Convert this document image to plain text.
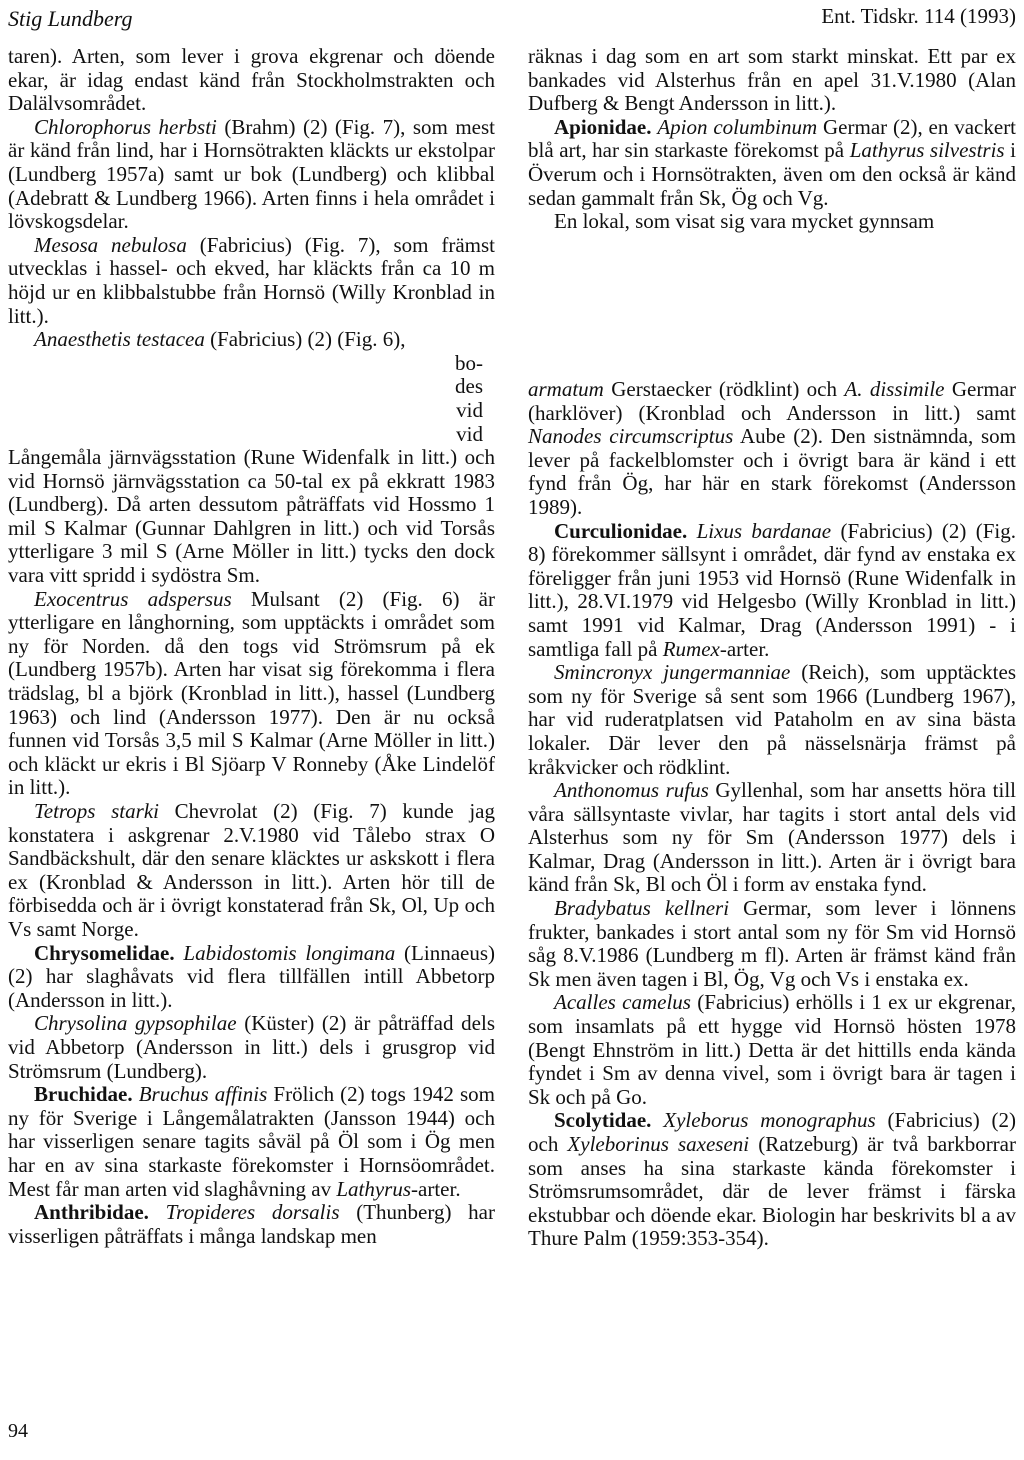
Stig Lundberg	Ent. Tidskr. 114 (1993)

taren). Arten, som lever i grova ekgrenar och döende ekar, är idag endast känd från Stockholmstrakten och Dalälvsområdet.

Chlorophorus herbsti (Brahm) (2) (Fig. 7), som mest är känd från lind, har i Hornsötrakten kläckts ur ekstolpar (Lundberg 1957a) samt ur bok (Lundberg) och klibbal (Adebratt & Lundberg 1966). Arten finns i hela området i lövskogsdelar.

Mesosa nebulosa (Fabricius) (Fig. 7), som främst utvecklas i hassel- och ekved, har kläckts från ca 10 m höjd ur en klibbalstubbe från Hornsö (Willy Kronblad in litt.).

Anaesthetis testacea (Fabricius) (2) (Fig. 6),

bo-
des
vid
vid

Långemåla järnvägsstation (Rune Widenfalk in litt.) och vid Hornsö järnvägsstation ca 50-tal ex på ekkratt 1983 (Lundberg). Då arten dessutom påträffats vid Hossmo 1 mil S Kalmar (Gunnar Dahlgren in litt.) och vid Torsås ytterligare 3 mil S (Arne Möller in litt.) tycks den dock vara vitt spridd i sydöstra Sm.

Exocentrus adspersus Mulsant (2) (Fig. 6) är ytterligare en långhorning, som upptäckts i området som ny för Norden. då den togs vid Strömsrum på ek (Lundberg 1957b). Arten har visat sig förekomma i flera trädslag, bl a björk (Kronblad in litt.), hassel (Lundberg 1963) och lind (Andersson 1977). Den är nu också funnen vid Torsås 3,5 mil S Kalmar (Arne Möller in litt.) och kläckt ur ekris i Bl Sjöarp V Ronneby (Åke Lindelöf in litt.).

Tetrops starki Chevrolat (2) (Fig. 7) kunde jag konstatera i askgrenar 2.V.1980 vid Tålebo strax O Sandbäckshult, där den senare kläcktes ur askskott i flera ex (Kronblad & Andersson in litt.). Arten hör till de förbisedda och är i övrigt konstaterad från Sk, Ol, Up och Vs samt Norge.

Chrysomelidae. Labidostomis longimana (Linnaeus) (2) har slaghåvats vid flera tillfällen intill Abbetorp (Andersson in litt.).

Chrysolina gypsophilae (Küster) (2) är påträffad dels vid Abbetorp (Andersson in litt.) dels i grusgrop vid Strömsrum (Lundberg).

Bruchidae. Bruchus affinis Frölich (2) togs 1942 som ny för Sverige i Långemålatrakten (Jansson 1944) och har visserligen senare tagits såväl på Öl som i Ög men har en av sina starkaste förekomster i Hornsöområdet. Mest får man arten vid slaghåvning av Lathyrus-arter.

Anthribidae. Tropideres dorsalis (Thunberg) har visserligen påträffats i många landskap men

räknas i dag som en art som starkt minskat. Ett par ex bankades vid Alsterhus från en apel 31.V.1980 (Alan Dufberg & Bengt Andersson in litt.).

Apionidae. Apion columbinum Germar (2), en vackert blå art, har sin starkaste förekomst på Lathyrus silvestris i Överum och i Hornsötrakten, även om den också är känd sedan gammalt från Sk, Ög och Vg.

En lokal, som visat sig vara mycket gynnsam

armatum Gerstaecker (rödklint) och A. dissimile Germar (harklöver) (Kronblad och Andersson in litt.) samt Nanodes circumscriptus Aube (2). Den sistnämnda, som lever på fackelblomster och i övrigt bara är känd i ett fynd från Ög, har här en stark förekomst (Andersson 1989).

Curculionidae. Lixus bardanae (Fabricius) (2) (Fig. 8) förekommer sällsynt i området, där fynd av enstaka ex föreligger från juni 1953 vid Hornsö (Rune Widenfalk in litt.), 28.VI.1979 vid Helgesbo (Willy Kronblad in litt.) samt 1991 vid Kalmar, Drag (Andersson 1991) - i samtliga fall på Rumex-arter.

Smincronyx jungermanniae (Reich), som upptäcktes som ny för Sverige så sent som 1966 (Lundberg 1967), har vid ruderatplatsen vid Pataholm en av sina bästa lokaler. Där lever den på nässelsnärja främst på kråkvicker och rödklint.

Anthonomus rufus Gyllenhal, som har ansetts höra till våra sällsyntaste vivlar, har tagits i stort antal dels vid Alsterhus som ny för Sm (Andersson 1977) dels i Kalmar, Drag (Andersson in litt.). Arten är i övrigt bara känd från Sk, Bl och Öl i form av enstaka fynd.

Bradybatus kellneri Germar, som lever i lönnens frukter, bankades i stort antal som ny för Sm vid Hornsö såg 8.V.1986 (Lundberg m fl). Arten är främst känd från Sk men även tagen i Bl, Ög, Vg och Vs i enstaka ex.

Acalles camelus (Fabricius) erhölls i 1 ex ur ekgrenar, som insamlats på ett hygge vid Hornsö hösten 1978 (Bengt Ehnström in litt.) Detta är det hittills enda kända fyndet i Sm av denna vivel, som i övrigt bara är tagen i Sk och på Go.

Scolytidae. Xyleborus monographus (Fabricius) (2) och Xyleborinus saxeseni (Ratzeburg) är två barkborrar som anses ha sina starkaste kända förekomster i Strömsrumsområdet, där de lever främst i färska ekstubbar och döende ekar. Biologin har beskrivits bl a av Thure Palm (1959:353-354).

94
